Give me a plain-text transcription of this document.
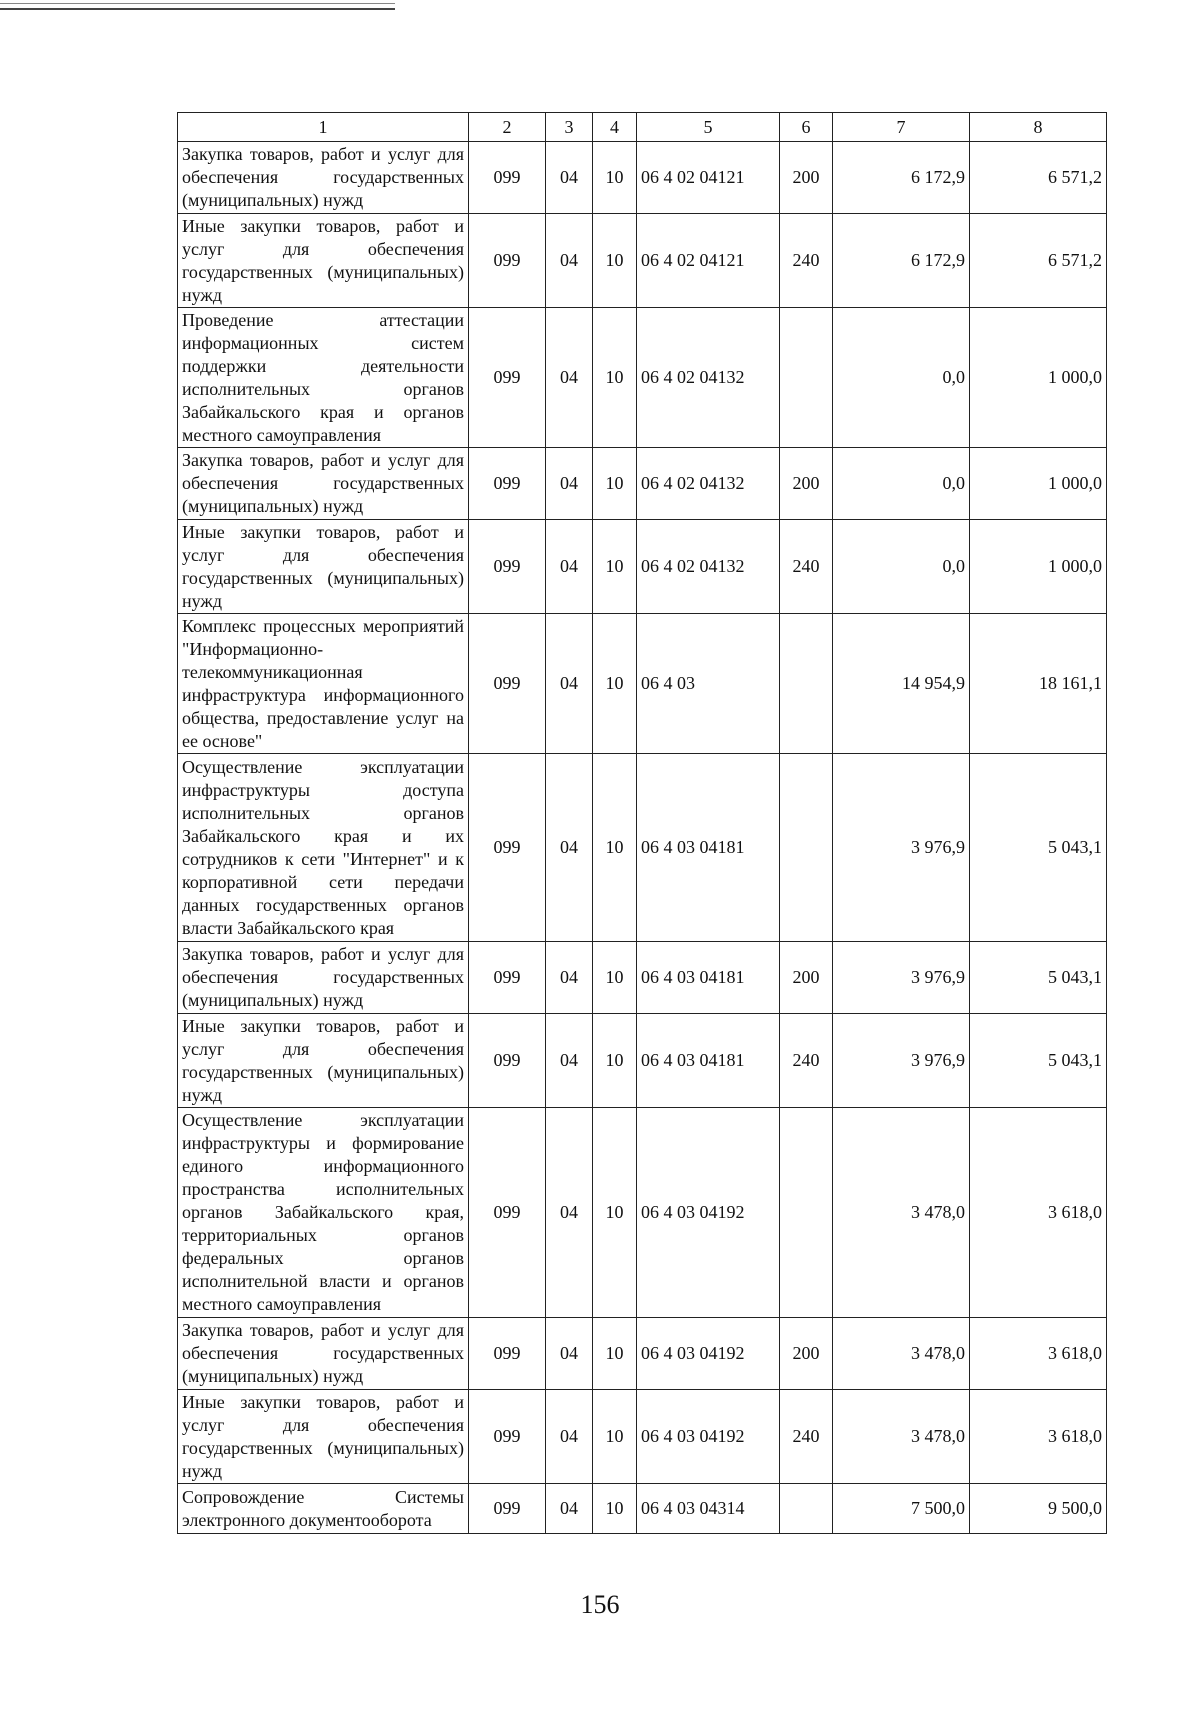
1	2	3	4	5	6	7	8
Закупка товаров, работ и услуг для обеспечения государственных (муниципальных) нужд	099	04	10	06 4 02 04121	200	6 172,9	6 571,2
Иные закупки товаров, работ и услуг для обеспечения государственных (муниципальных) нужд	099	04	10	06 4 02 04121	240	6 172,9	6 571,2
Проведение аттестации информационных систем поддержки деятельности исполнительных органов Забайкальского края и органов местного самоуправления	099	04	10	06 4 02 04132		0,0	1 000,0
Закупка товаров, работ и услуг для обеспечения государственных (муниципальных) нужд	099	04	10	06 4 02 04132	200	0,0	1 000,0
Иные закупки товаров, работ и услуг для обеспечения государственных (муниципальных) нужд	099	04	10	06 4 02 04132	240	0,0	1 000,0
Комплекс процессных мероприятий "Информационно-телекоммуникационная инфраструктура информационного общества, предоставление услуг на ее основе"	099	04	10	06 4 03		14 954,9	18 161,1
Осуществление эксплуатации инфраструктуры доступа исполнительных органов Забайкальского края и их сотрудников к сети "Интернет" и к корпоративной сети передачи данных государственных органов власти Забайкальского края	099	04	10	06 4 03 04181		3 976,9	5 043,1
Закупка товаров, работ и услуг для обеспечения государственных (муниципальных) нужд	099	04	10	06 4 03 04181	200	3 976,9	5 043,1
Иные закупки товаров, работ и услуг для обеспечения государственных (муниципальных) нужд	099	04	10	06 4 03 04181	240	3 976,9	5 043,1
Осуществление эксплуатации инфраструктуры и формирование единого информационного пространства исполнительных органов Забайкальского края, территориальных органов федеральных органов исполнительной власти и органов местного самоуправления	099	04	10	06 4 03 04192		3 478,0	3 618,0
Закупка товаров, работ и услуг для обеспечения государственных (муниципальных) нужд	099	04	10	06 4 03 04192	200	3 478,0	3 618,0
Иные закупки товаров, работ и услуг для обеспечения государственных (муниципальных) нужд	099	04	10	06 4 03 04192	240	3 478,0	3 618,0
Сопровождение Системы электронного документооборота	099	04	10	06 4 03 04314		7 500,0	9 500,0
156
